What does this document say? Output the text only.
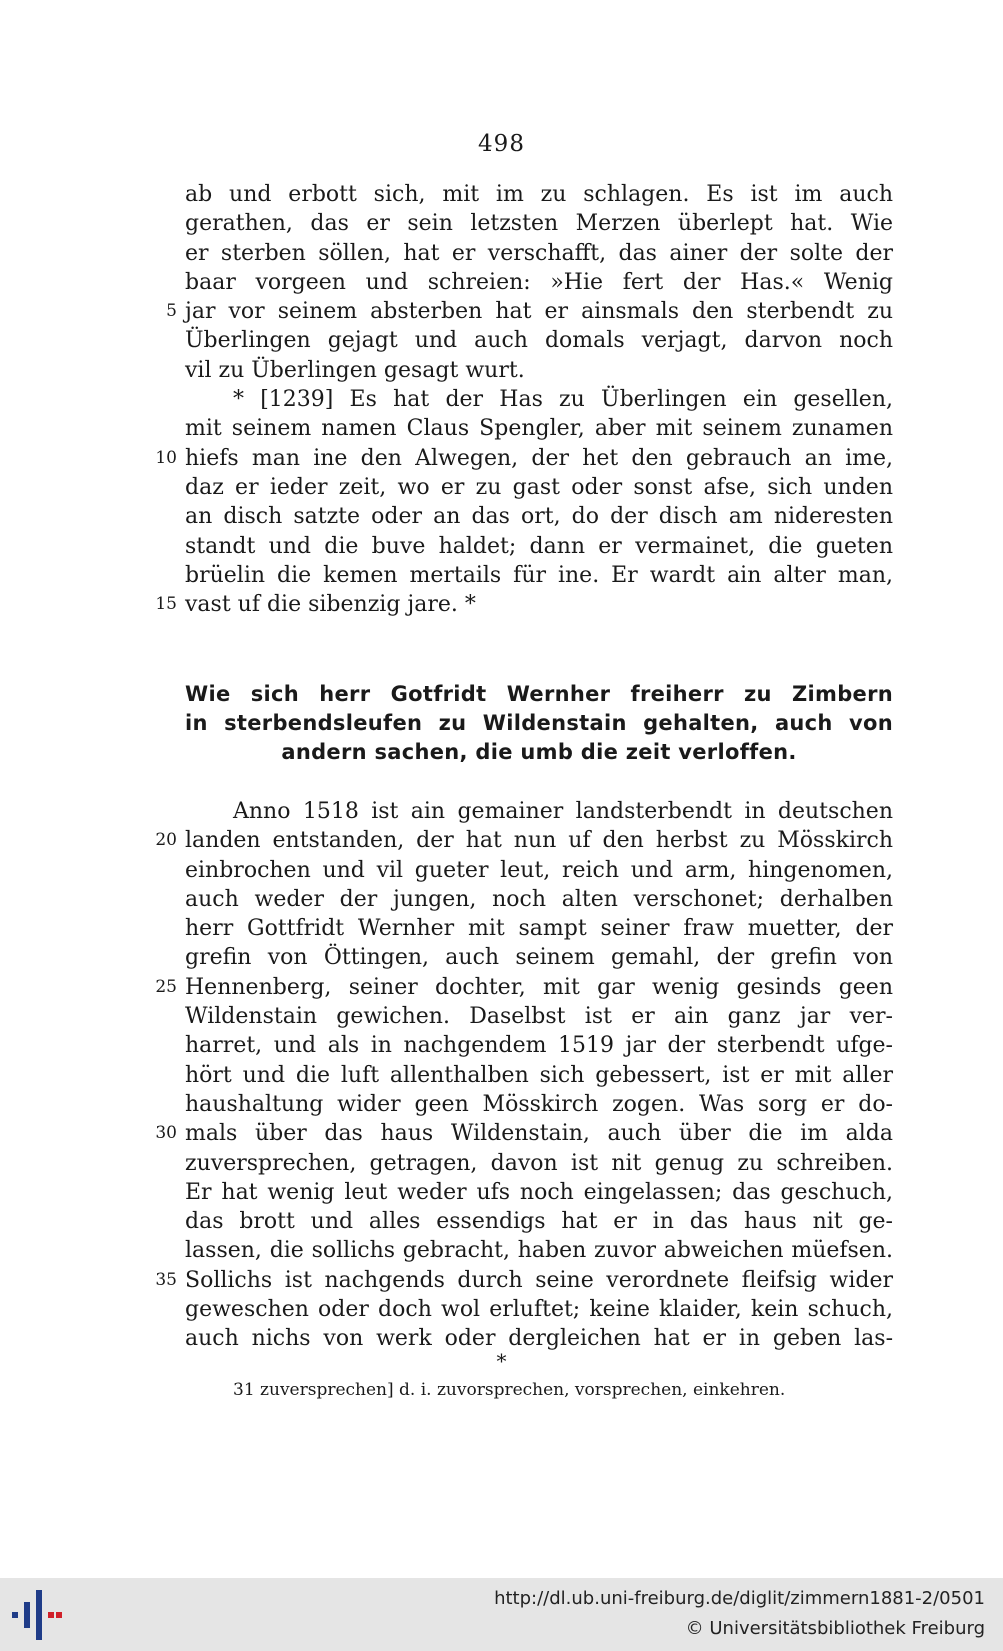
498
ab und erbott sich, mit im zu schlagen. Es ist im auch
gerathen, das er sein letzsten Merzen überlept hat. Wie
er sterben söllen, hat er verschafft, das ainer der solte der
baar vorgeen und schreien: »Hie fert der Has.« Wenig
jar vor seinem absterben hat er ainsmals den sterbendt zu
5
Überlingen gejagt und auch domals verjagt, darvon noch
vil zu Überlingen gesagt wurt.
* [1239] Es hat der Has zu Überlingen ein gesellen,
mit seinem namen Claus Spengler, aber mit seinem zunamen
hiefs man ine den Alwegen, der het den gebrauch an ime,
10
daz er ieder zeit, wo er zu gast oder sonst afse, sich unden
an disch satzte oder an das ort, do der disch am nideresten
standt und die buve haldet; dann er vermainet, die gueten
brüelin die kemen mertails für ine. Er wardt ain alter man,
vast uf die sibenzig jare. *
15
Wie sich herr Gotfridt Wernher freiherr zu Zimbern
in sterbendsleufen zu Wildenstain gehalten, auch von
andern sachen, die umb die zeit verloffen.
Anno 1518 ist ain gemainer landsterbendt in deutschen
landen entstanden, der hat nun uf den herbst zu Mösskirch
20
einbrochen und vil gueter leut, reich und arm, hingenomen,
auch weder der jungen, noch alten verschonet; derhalben
herr Gottfridt Wernher mit sampt seiner fraw muetter, der
grefin von Öttingen, auch seinem gemahl, der grefin von
Hennenberg, seiner dochter, mit gar wenig gesinds geen
25
Wildenstain gewichen. Daselbst ist er ain ganz jar ver-
harret, und als in nachgendem 1519 jar der sterbendt ufge-
hört und die luft allenthalben sich gebessert, ist er mit aller
haushaltung wider geen Mösskirch zogen. Was sorg er do-
mals über das haus Wildenstain, auch über die im alda
30
zuversprechen, getragen, davon ist nit genug zu schreiben.
Er hat wenig leut weder ufs noch eingelassen; das geschuch,
das brott und alles essendigs hat er in das haus nit ge-
lassen, die sollichs gebracht, haben zuvor abweichen müefsen.
Sollichs ist nachgends durch seine verordnete fleifsig wider
35
geweschen oder doch wol erluftet; keine klaider, kein schuch,
auch nichs von werk oder dergleichen hat er in geben las-
*
31 zuversprechen] d. i. zuvorsprechen, vorsprechen, einkehren.
http://dl.ub.uni-freiburg.de/diglit/zimmern1881-2/0501
© Universitätsbibliothek Freiburg
